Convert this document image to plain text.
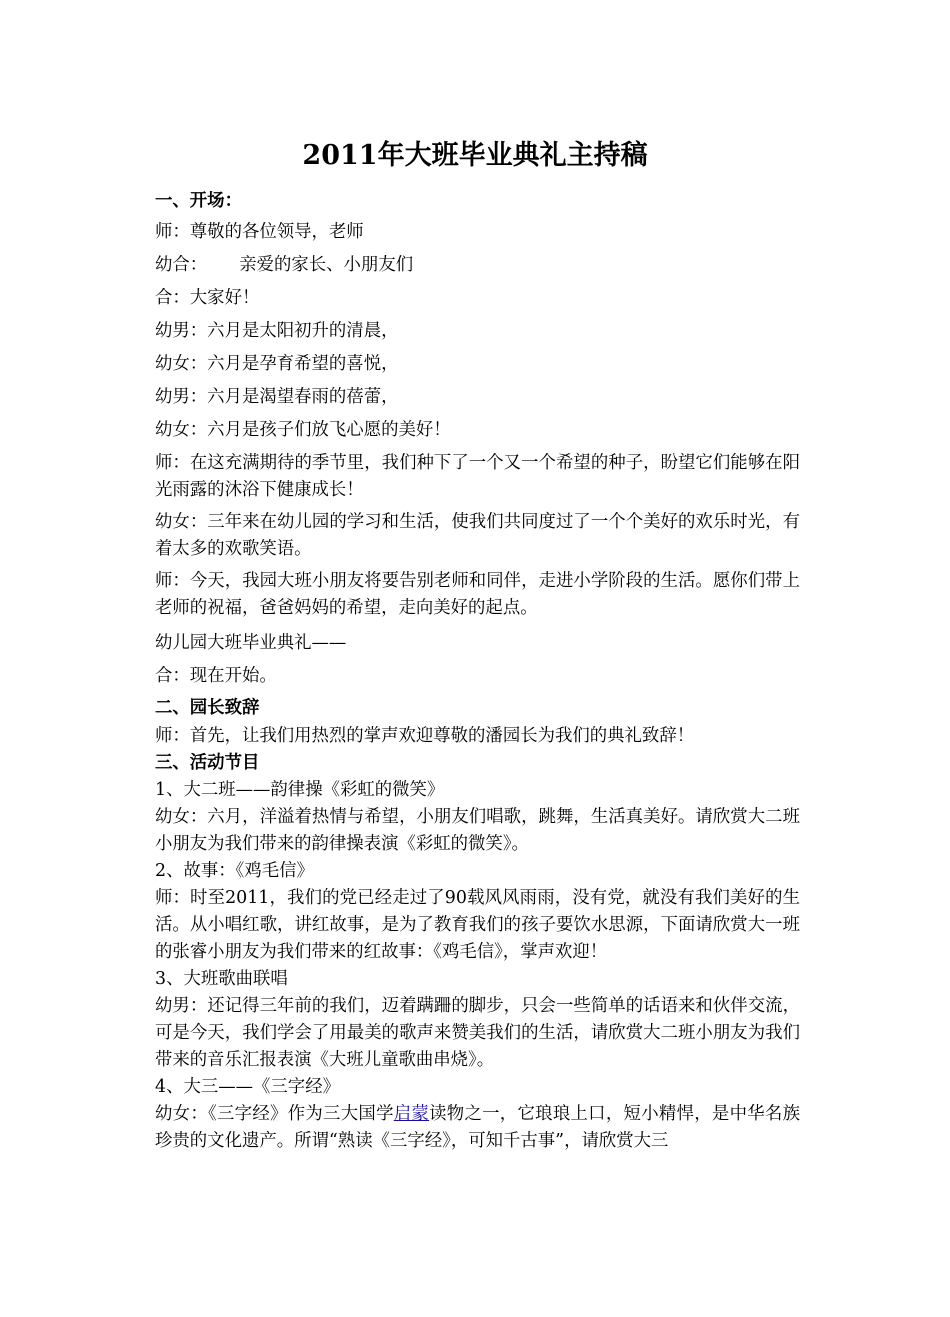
2011年大班毕业典礼主持稿
一、开场：
师：尊敬的各位领导，老师
幼合： 亲爱的家长、小朋友们
合：大家好！
幼男：六月是太阳初升的清晨，
幼女：六月是孕育希望的喜悦，
幼男：六月是渴望春雨的蓓蕾，
幼女：六月是孩子们放飞心愿的美好！
师：在这充满期待的季节里，我们种下了一个又一个希望的种子，盼望它们能够在阳光雨露的沐浴下健康成长！
幼女：三年来在幼儿园的学习和生活，使我们共同度过了一个个美好的欢乐时光，有着太多的欢歌笑语。
师：今天，我园大班小朋友将要告别老师和同伴，走进小学阶段的生活。愿你们带上老师的祝福，爸爸妈妈的希望，走向美好的起点。
幼儿园大班毕业典礼——
合：现在开始。
二、园长致辞
师：首先，让我们用热烈的掌声欢迎尊敬的潘园长为我们的典礼致辞！
三、活动节目
1、大二班——韵律操《彩虹的微笑》
幼女：六月，洋溢着热情与希望，小朋友们唱歌，跳舞，生活真美好。请欣赏大二班小朋友为我们带来的韵律操表演《彩虹的微笑》。
2、故事：《鸡毛信》
师：时至2011，我们的党已经走过了90载风风雨雨，没有党，就没有我们美好的生活。从小唱红歌，讲红故事，是为了教育我们的孩子要饮水思源，下面请欣赏大一班的张睿小朋友为我们带来的红故事：《鸡毛信》，掌声欢迎！
3、大班歌曲联唱
幼男：还记得三年前的我们，迈着蹒跚的脚步，只会一些简单的话语来和伙伴交流，可是今天，我们学会了用最美的歌声来赞美我们的生活，请欣赏大二班小朋友为我们带来的音乐汇报表演《大班儿童歌曲串烧》。
4、大三——《三字经》
幼女：《三字经》作为三大国学启蒙读物之一，它琅琅上口，短小精悍，是中华名族珍贵的文化遗产。所谓“熟读《三字经》，可知千古事”，请欣赏大三
